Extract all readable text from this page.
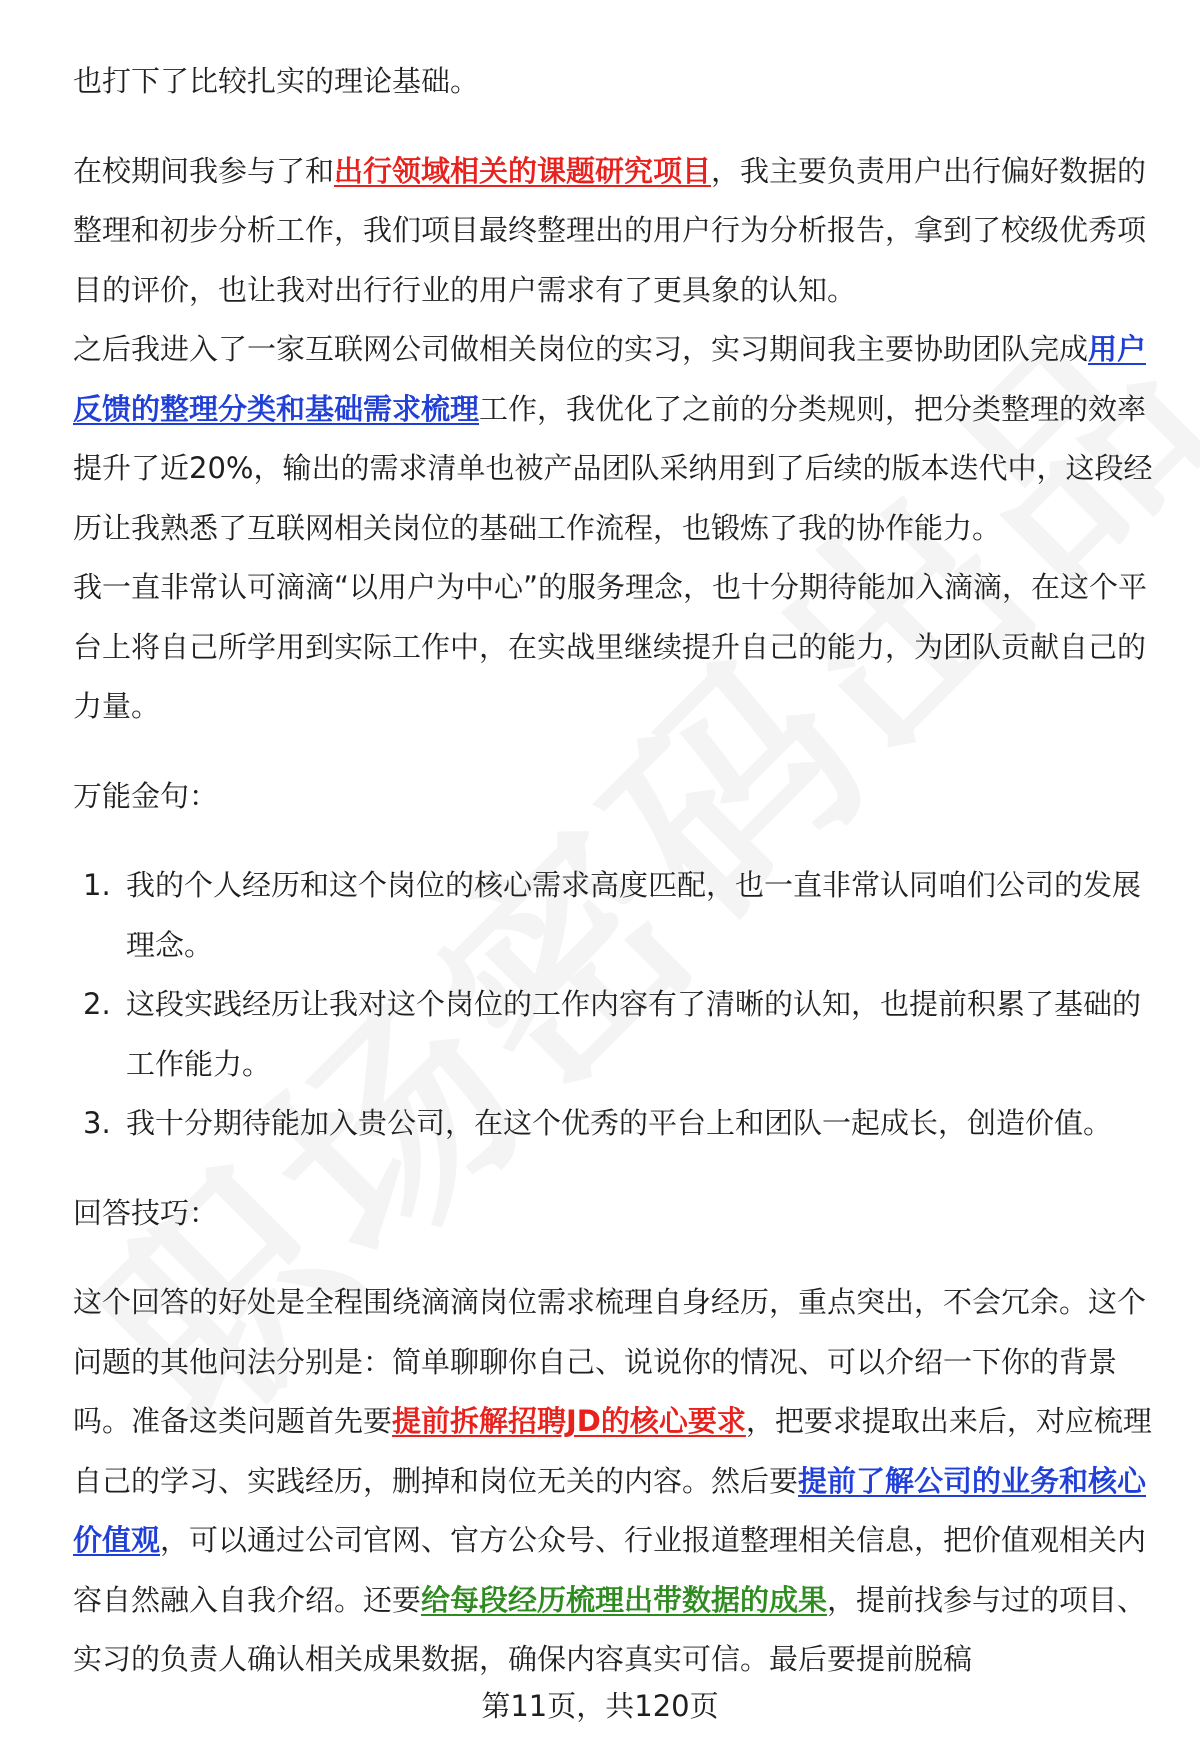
也打下了比较扎实的理论基础。

在校期间我参与了和出行领域相关的课题研究项目，我主要负责用户出行偏好数据的整理和初步分析工作，我们项目最终整理出的用户行为分析报告，拿到了校级优秀项目的评价，也让我对出行行业的用户需求有了更具象的认知。

之后我进入了一家互联网公司做相关岗位的实习，实习期间我主要协助团队完成用户反馈的整理分类和基础需求梳理工作，我优化了之前的分类规则，把分类整理的效率提升了近20%，输出的需求清单也被产品团队采纳用到了后续的版本迭代中，这段经历让我熟悉了互联网相关岗位的基础工作流程，也锻炼了我的协作能力。

我一直非常认可滴滴“以用户为中心”的服务理念，也十分期待能加入滴滴，在这个平台上将自己所学用到实际工作中，在实战里继续提升自己的能力，为团队贡献自己的力量。

万能金句：

1. 我的个人经历和这个岗位的核心需求高度匹配，也一直非常认同咱们公司的发展理念。
2. 这段实践经历让我对这个岗位的工作内容有了清晰的认知，也提前积累了基础的工作能力。
3. 我十分期待能加入贵公司，在这个优秀的平台上和团队一起成长，创造价值。

回答技巧：

这个回答的好处是全程围绕滴滴岗位需求梳理自身经历，重点突出，不会冗余。这个问题的其他问法分别是：简单聊聊你自己、说说你的情况、可以介绍一下你的背景吗。准备这类问题首先要提前拆解招聘JD的核心要求，把要求提取出来后，对应梳理自己的学习、实践经历，删掉和岗位无关的内容。然后要提前了解公司的业务和核心价值观，可以通过公司官网、官方公众号、行业报道整理相关信息，把价值观相关内容自然融入自我介绍。还要给每段经历梳理出带数据的成果，提前找参与过的项目、实习的负责人确认相关成果数据，确保内容真实可信。最后要提前脱稿

第11页，共120页
